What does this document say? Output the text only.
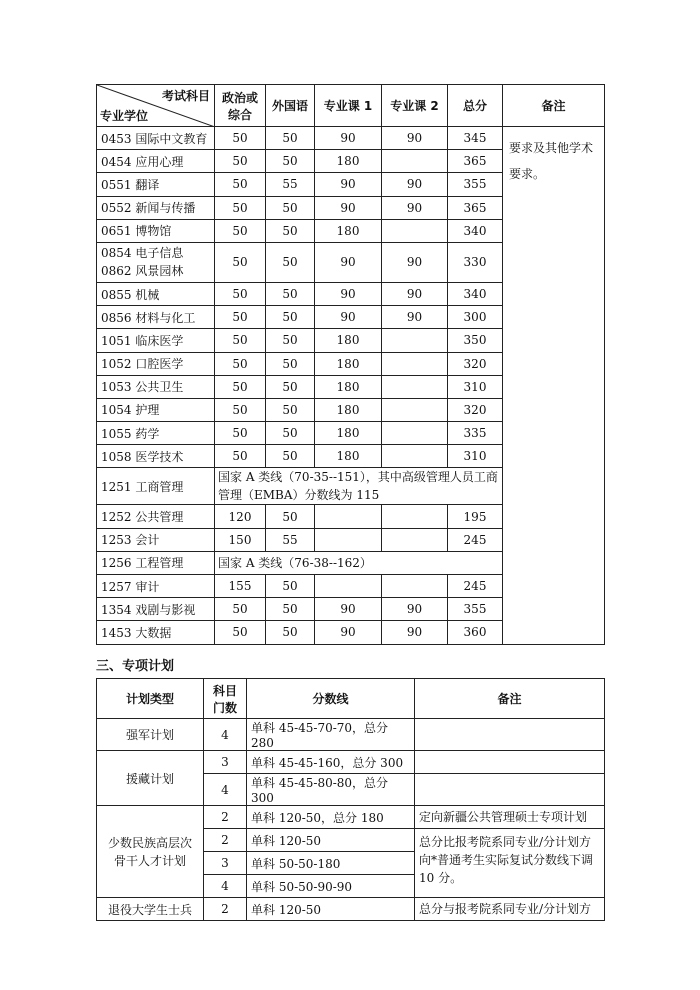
考试科目
专业学位	政治或综合	外国语	专业课 1	专业课 2	总分	备注
0453 国际中文教育	50	50	90	90	345	要求及其他学术要求。
0454 应用心理	50	50	180		365	
0551 翻译	50	55	90	90	355	
0552 新闻与传播	50	50	90	90	365	
0651 博物馆	50	50	180		340	
0854 电子信息
0862 风景园林	50	50	90	90	330	
0855 机械	50	50	90	90	340	
0856 材料与化工	50	50	90	90	300	
1051 临床医学	50	50	180		350	
1052 口腔医学	50	50	180		320	
1053 公共卫生	50	50	180		310	
1054 护理	50	50	180		320	
1055 药学	50	50	180		335	
1058 医学技术	50	50	180		310	
1251 工商管理	国家 A 类线（70-35--151），其中高级管理人员工商管理（EMBA）分数线为 115					
1252 公共管理	120	50			195	
1253 会计	150	55			245	
1256 工程管理	国家 A 类线（76-38--162）					
1257 审计	155	50			245	
1354 戏剧与影视	50	50	90	90	355	
1453 大数据	50	50	90	90	360	
三、专项计划
计划类型	科目门数	分数线	备注
强军计划	4	单科 45-45-70-70，总分 280	
援藏计划	3	单科 45-45-160，总分 300	
	4	单科 45-45-80-80，总分 300	
少数民族高层次骨干人才计划	2	单科 120-50，总分 180	定向新疆公共管理硕士专项计划
	2	单科 120-50	总分比报考院系同专业/分计划方向*普通考生实际复试分数线下调 10 分。
	3	单科 50-50-180	
	4	单科 50-50-90-90	
退役大学生士兵	2	单科 120-50	总分与报考院系同专业/分计划方
